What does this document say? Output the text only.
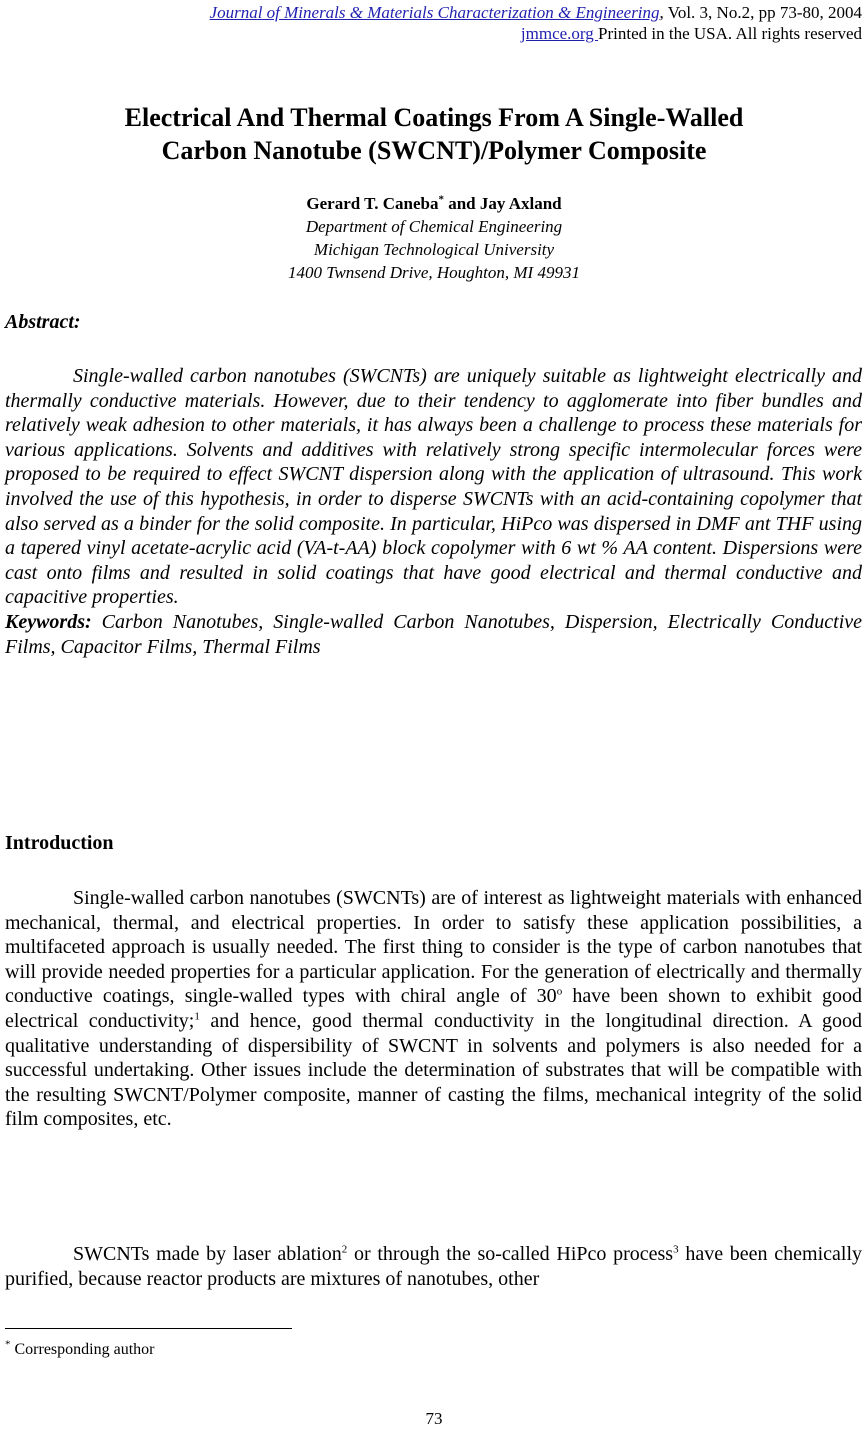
Journal of Minerals & Materials Characterization & Engineering, Vol. 3, No.2, pp 73-80, 2004
jmmce.org Printed in the USA. All rights reserved
Electrical And Thermal Coatings From A Single-Walled
Carbon Nanotube (SWCNT)/Polymer Composite
Gerard T. Caneba* and Jay Axland
Department of Chemical Engineering
Michigan Technological University
1400 Twnsend Drive, Houghton, MI 49931
Abstract:
Single-walled carbon nanotubes (SWCNTs) are uniquely suitable as lightweight electrically and thermally conductive materials. However, due to their tendency to agglomerate into fiber bundles and relatively weak adhesion to other materials, it has always been a challenge to process these materials for various applications. Solvents and additives with relatively strong specific intermolecular forces were proposed to be required to effect SWCNT dispersion along with the application of ultrasound. This work involved the use of this hypothesis, in order to disperse SWCNTs with an acid-containing copolymer that also served as a binder for the solid composite. In particular, HiPco was dispersed in DMF ant THF using a tapered vinyl acetate-acrylic acid (VA-t-AA) block copolymer with 6 wt % AA content. Dispersions were cast onto films and resulted in solid coatings that have good electrical and thermal conductive and capacitive properties.
Keywords: Carbon Nanotubes, Single-walled Carbon Nanotubes, Dispersion, Electrically Conductive Films, Capacitor Films, Thermal Films
Introduction
Single-walled carbon nanotubes (SWCNTs) are of interest as lightweight materials with enhanced mechanical, thermal, and electrical properties. In order to satisfy these application possibilities, a multifaceted approach is usually needed. The first thing to consider is the type of carbon nanotubes that will provide needed properties for a particular application. For the generation of electrically and thermally conductive coatings, single-walled types with chiral angle of 30$^o$ have been shown to exhibit good electrical conductivity;$^1$ and hence, good thermal conductivity in the longitudinal direction. A good qualitative understanding of dispersibility of SWCNT in solvents and polymers is also needed for a successful undertaking. Other issues include the determination of substrates that will be compatible with the resulting SWCNT/Polymer composite, manner of casting the films, mechanical integrity of the solid film composites, etc.
SWCNTs made by laser ablation$^2$ or through the so-called HiPco process$^3$ have been chemically purified, because reactor products are mixtures of nanotubes, other
* Corresponding author
73
